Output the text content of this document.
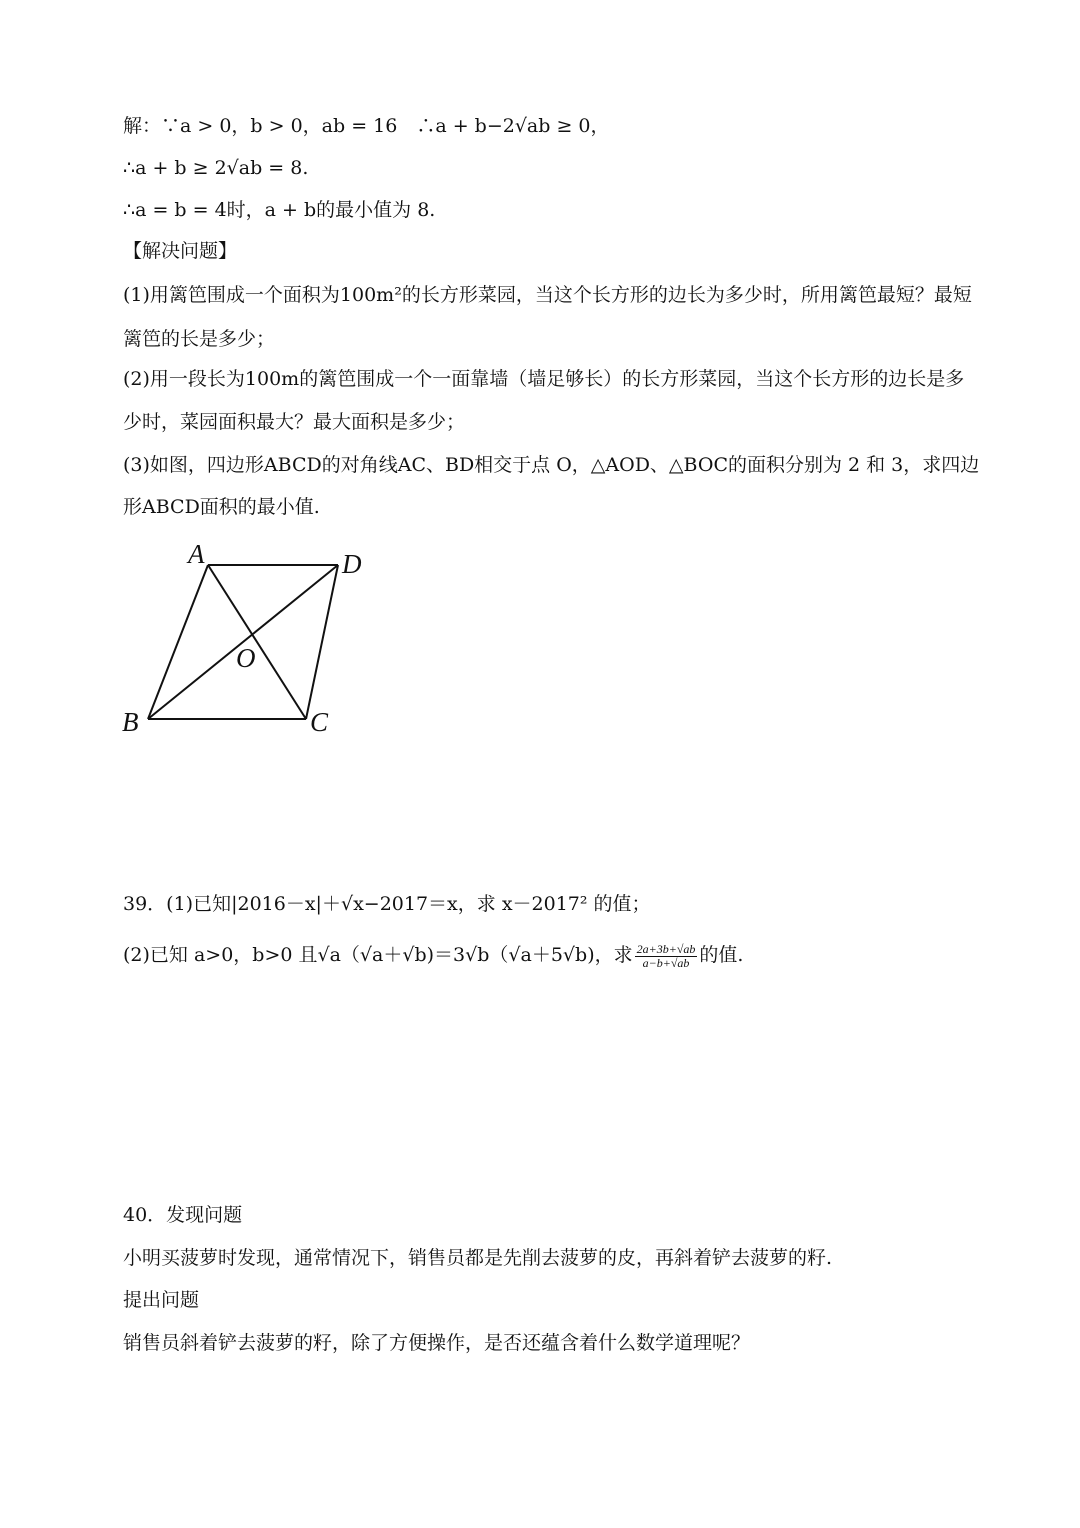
解：∵a > 0，b > 0，ab = 16　∴a + b−2√ab ≥ 0，
∴a + b ≥ 2√ab = 8.
∴a = b = 4时，a + b的最小值为 8.
【解决问题】
(1)用篱笆围成一个面积为100m²的长方形菜园，当这个长方形的边长为多少时，所用篱笆最短？最短
篱笆的长是多少；
(2)用一段长为100m的篱笆围成一个一面靠墙（墙足够长）的长方形菜园，当这个长方形的边长是多
少时，菜园面积最大？最大面积是多少；
(3)如图，四边形ABCD的对角线AC、BD相交于点 O，△AOD、△BOC的面积分别为 2 和 3，求四边
形ABCD面积的最小值.
A	D
O
B	C
39．(1)已知|2016－x|＋√x−2017＝x，求 x－2017² 的值；
(2)已知 a>0，b>0 且√a（√a＋√b)＝3√b（√a＋5√b)，求 $\frac{2a+3b+√ab}{a-b+√ab}$ 的值.
40．发现问题
小明买菠萝时发现，通常情况下，销售员都是先削去菠萝的皮，再斜着铲去菠萝的籽.
提出问题
销售员斜着铲去菠萝的籽，除了方便操作，是否还蕴含着什么数学道理呢？
